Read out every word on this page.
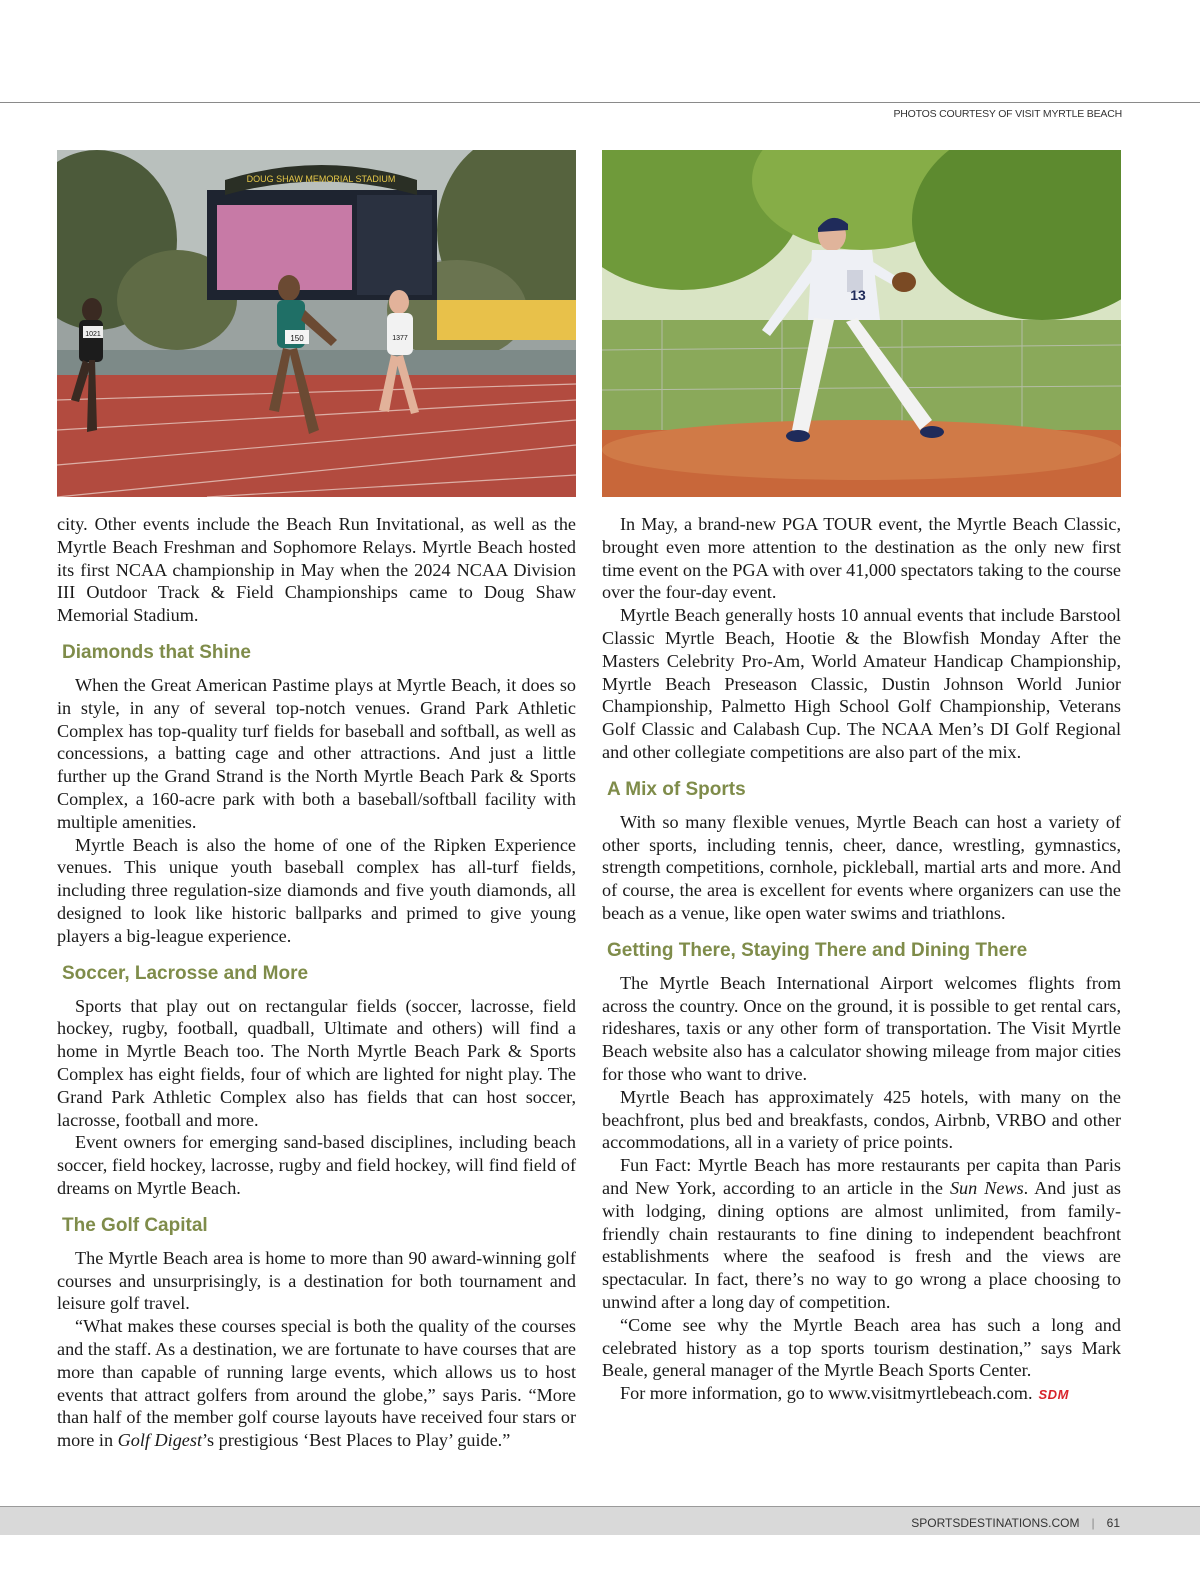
PHOTOS COURTESY OF VISIT MYRTLE BEACH
DOUG SHAW MEMORIAL STADIUM
1021	150	1377
13

city. Other events include the Beach Run Invitational, as well as the Myrtle Beach Freshman and Sophomore Relays. Myrtle Beach hosted its first NCAA championship in May when the 2024 NCAA Division III Outdoor Track & Field Championships came to Doug Shaw Memorial Stadium.

Diamonds that Shine

When the Great American Pastime plays at Myrtle Beach, it does so in style, in any of several top-notch venues. Grand Park Athletic Complex has top-quality turf fields for baseball and softball, as well as concessions, a batting cage and other attractions. And just a little further up the Grand Strand is the North Myrtle Beach Park & Sports Complex, a 160-acre park with both a baseball/softball facility with multiple amenities.

Myrtle Beach is also the home of one of the Ripken Experience venues. This unique youth baseball complex has all-turf fields, including three regulation-size diamonds and five youth diamonds, all designed to look like historic ballparks and primed to give young players a big-league experience.

Soccer, Lacrosse and More

Sports that play out on rectangular fields (soccer, lacrosse, field hockey, rugby, football, quadball, Ultimate and others) will find a home in Myrtle Beach too. The North Myrtle Beach Park & Sports Complex has eight fields, four of which are lighted for night play. The Grand Park Athletic Complex also has fields that can host soccer, lacrosse, football and more.

Event owners for emerging sand-based disciplines, including beach soccer, field hockey, lacrosse, rugby and field hockey, will find field of dreams on Myrtle Beach.

The Golf Capital

The Myrtle Beach area is home to more than 90 award-winning golf courses and unsurprisingly, is a destination for both tournament and leisure golf travel.

“What makes these courses special is both the quality of the courses and the staff. As a destination, we are fortunate to have courses that are more than capable of running large events, which allows us to host events that attract golfers from around the globe,” says Paris. “More than half of the member golf course layouts have received four stars or more in Golf Digest’s prestigious ‘Best Places to Play’ guide.”

In May, a brand-new PGA TOUR event, the Myrtle Beach Classic, brought even more attention to the destination as the only new first time event on the PGA with over 41,000 spectators taking to the course over the four-day event.

Myrtle Beach generally hosts 10 annual events that include Barstool Classic Myrtle Beach, Hootie & the Blowfish Monday After the Masters Celebrity Pro-Am, World Amateur Handicap Championship, Myrtle Beach Preseason Classic, Dustin Johnson World Junior Championship, Palmetto High School Golf Championship, Veterans Golf Classic and Calabash Cup. The NCAA Men’s DI Golf Regional and other collegiate competitions are also part of the mix.

A Mix of Sports

With so many flexible venues, Myrtle Beach can host a variety of other sports, including tennis, cheer, dance, wrestling, gymnastics, strength competitions, cornhole, pickleball, martial arts and more. And of course, the area is excellent for events where organizers can use the beach as a venue, like open water swims and triathlons.

Getting There, Staying There and Dining There

The Myrtle Beach International Airport welcomes flights from across the country. Once on the ground, it is possible to get rental cars, rideshares, taxis or any other form of transportation. The Visit Myrtle Beach website also has a calculator showing mileage from major cities for those who want to drive.

Myrtle Beach has approximately 425 hotels, with many on the beachfront, plus bed and breakfasts, condos, Airbnb, VRBO and other accommodations, all in a variety of price points.

Fun Fact: Myrtle Beach has more restaurants per capita than Paris and New York, according to an article in the Sun News. And just as with lodging, dining options are almost unlimited, from family-friendly chain restaurants to fine dining to independent beachfront establishments where the seafood is fresh and the views are spectacular. In fact, there’s no way to go wrong a place choosing to unwind after a long day of competition.

“Come see why the Myrtle Beach area has such a long and celebrated history as a top sports tourism destination,” says Mark Beale, general manager of the Myrtle Beach Sports Center.

For more information, go to www.visitmyrtlebeach.com. SDM

SPORTSDESTINATIONS.COM | 61
